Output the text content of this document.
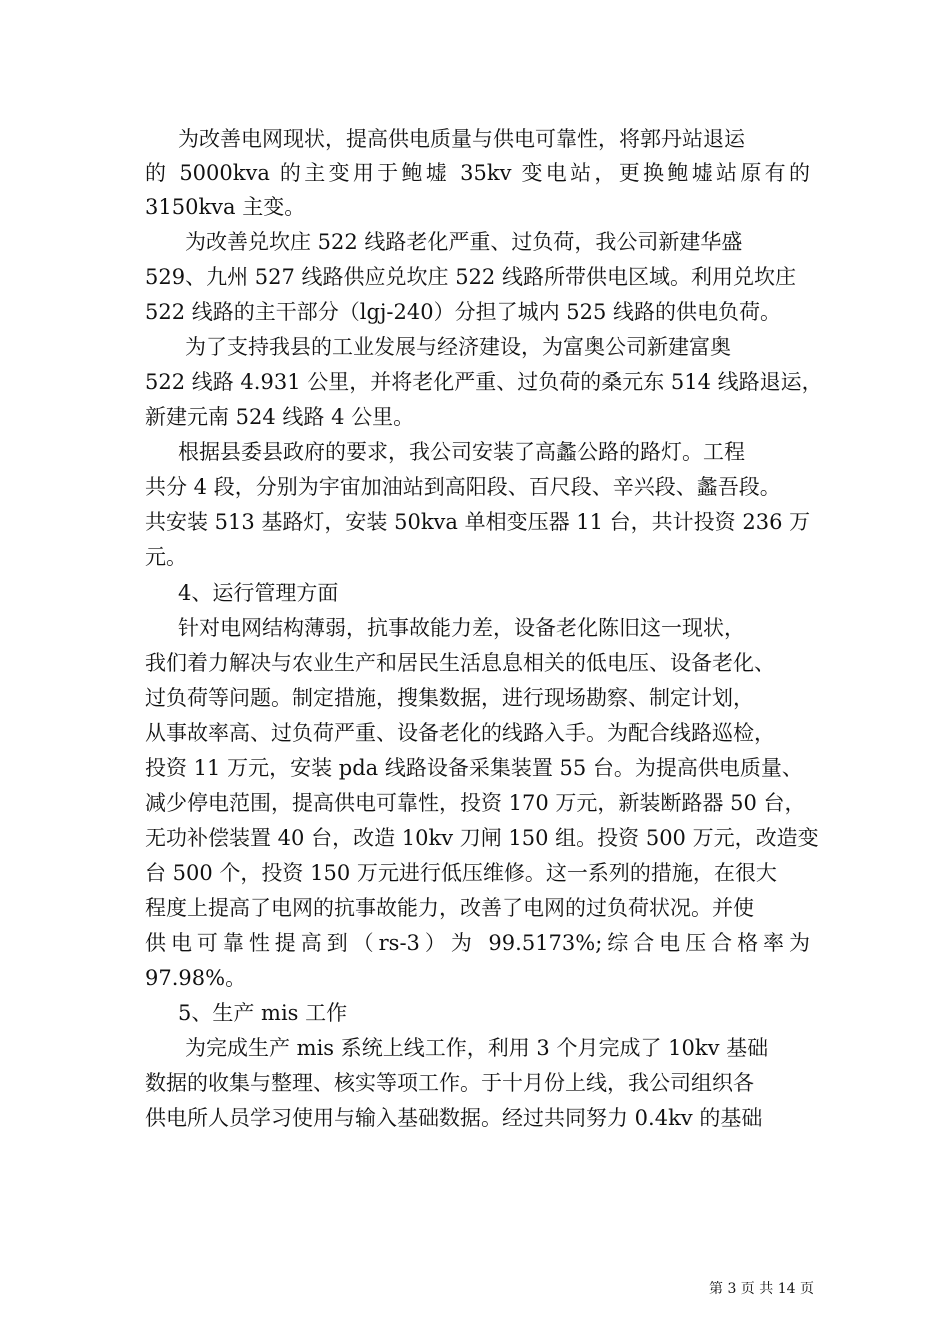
为改善电网现状，提高供电质量与供电可靠性，将郭丹站退运
的 5000kva 的主变用于鲍墟 35kv 变电站，更换鲍墟站原有的
3150kva 主变。
为改善兑坎庄 522 线路老化严重、过负荷，我公司新建华盛
529、九州 527 线路供应兑坎庄 522 线路所带供电区域。利用兑坎庄
522 线路的主干部分（lgj-240）分担了城内 525 线路的供电负荷。
为了支持我县的工业发展与经济建设，为富奥公司新建富奥
522 线路 4.931 公里，并将老化严重、过负荷的桑元东 514 线路退运，
新建元南 524 线路 4 公里。
根据县委县政府的要求，我公司安装了高蠡公路的路灯。工程
共分 4 段，分别为宇宙加油站到高阳段、百尺段、辛兴段、蠡吾段。
共安装 513 基路灯，安装 50kva 单相变压器 11 台，共计投资 236 万
元。
4、运行管理方面
针对电网结构薄弱，抗事故能力差，设备老化陈旧这一现状，
我们着力解决与农业生产和居民生活息息相关的低电压、设备老化、
过负荷等问题。制定措施，搜集数据，进行现场勘察、制定计划，
从事故率高、过负荷严重、设备老化的线路入手。为配合线路巡检，
投资 11 万元，安装 pda 线路设备采集装置 55 台。为提高供电质量、
减少停电范围，提高供电可靠性，投资 170 万元，新装断路器 50 台，
无功补偿装置 40 台，改造 10kv 刀闸 150 组。投资 500 万元，改造变
台 500 个，投资 150 万元进行低压维修。这一系列的措施，在很大
程度上提高了电网的抗事故能力，改善了电网的过负荷状况。并使
供电可靠性提高到（rs-3）为 99.5173%;综合电压合格率为
97.98%。
5、生产 mis 工作
为完成生产 mis 系统上线工作，利用 3 个月完成了 10kv 基础
数据的收集与整理、核实等项工作。于十月份上线，我公司组织各
供电所人员学习使用与输入基础数据。经过共同努力 0.4kv 的基础
第 3 页 共 14 页
